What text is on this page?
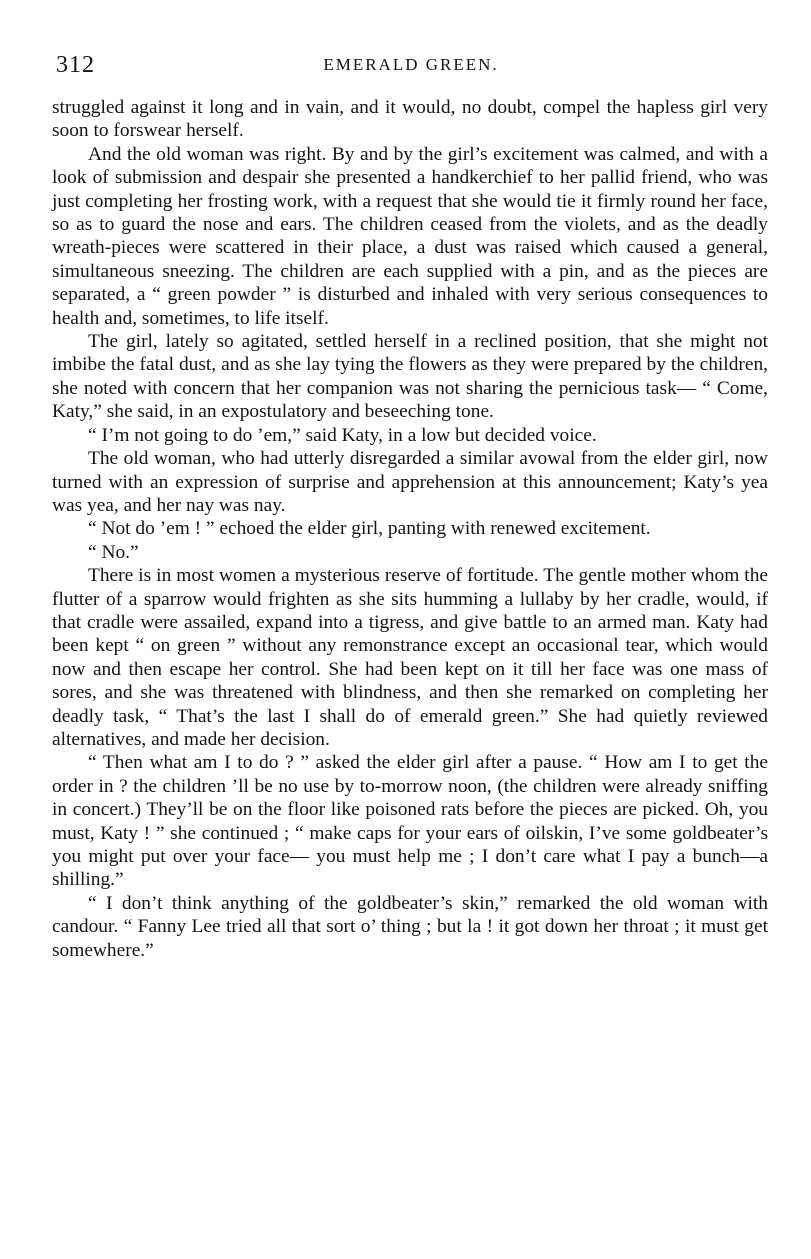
312	EMERALD GREEN.

struggled against it long and in vain, and it would, no doubt, compel the hapless girl very soon to forswear herself.

And the old woman was right. By and by the girl’s excitement was calmed, and with a look of submission and despair she presented a handkerchief to her pallid friend, who was just completing her frosting work, with a request that she would tie it firmly round her face, so as to guard the nose and ears. The children ceased from the violets, and as the deadly wreath-pieces were scattered in their place, a dust was raised which caused a general, simultaneous sneezing. The children are each supplied with a pin, and as the pieces are separated, a “ green powder ” is disturbed and inhaled with very serious consequences to health and, sometimes, to life itself.

The girl, lately so agitated, settled herself in a reclined position, that she might not imbibe the fatal dust, and as she lay tying the flowers as they were prepared by the children, she noted with concern that her companion was not sharing the pernicious task— “ Come, Katy,” she said, in an expostulatory and beseeching tone.

“ I’m not going to do ’em,” said Katy, in a low but decided voice.

The old woman, who had utterly disregarded a similar avowal from the elder girl, now turned with an expression of surprise and apprehension at this announcement; Katy’s yea was yea, and her nay was nay.

“ Not do ’em ! ” echoed the elder girl, panting with renewed excitement.

“ No.”

There is in most women a mysterious reserve of fortitude. The gentle mother whom the flutter of a sparrow would frighten as she sits humming a lullaby by her cradle, would, if that cradle were assailed, expand into a tigress, and give battle to an armed man. Katy had been kept “ on green ” without any remonstrance except an occasional tear, which would now and then escape her control. She had been kept on it till her face was one mass of sores, and she was threatened with blindness, and then she remarked on completing her deadly task, “ That’s the last I shall do of emerald green.” She had quietly reviewed alternatives, and made her decision.

“ Then what am I to do ? ” asked the elder girl after a pause. “ How am I to get the order in ? the children ’ll be no use by to-morrow noon, (the children were already sniffing in concert.) They’ll be on the floor like poisoned rats before the pieces are picked. Oh, you must, Katy ! ” she continued ; “ make caps for your ears of oilskin, I’ve some goldbeater’s you might put over your face— you must help me ; I don’t care what I pay a bunch—a shilling.”

“ I don’t think anything of the goldbeater’s skin,” remarked the old woman with candour. “ Fanny Lee tried all that sort o’ thing ; but la ! it got down her throat ; it must get somewhere.”
